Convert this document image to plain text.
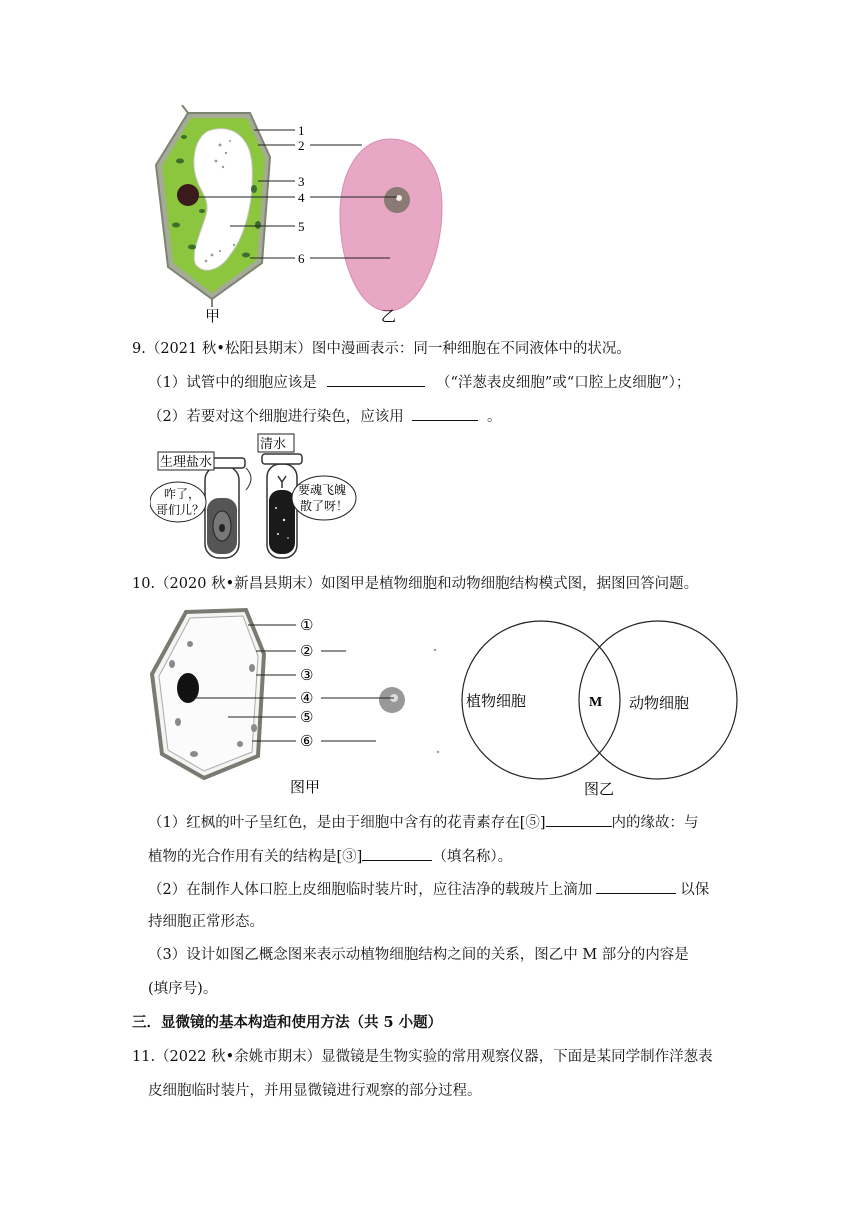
1
2
3
4
5
6
甲	乙
9.（2021 秋•松阳县期末）图中漫画表示：同一种细胞在不同液体中的状况。
（1）试管中的细胞应该是	（“洋葱表皮细胞”或“口腔上皮细胞”）；
（2）若要对这个细胞进行染色，应该用	。
生理盐水
清水
咋了，
哥们儿？
要魂飞魄
散了呀！
10.（2020 秋•新昌县期末）如图甲是植物细胞和动物细胞结构模式图，据图回答问题。
①
②
③
④
⑤
⑥
图甲
植物细胞	M 动物细胞
图乙
（1）红枫的叶子呈红色，是由于细胞中含有的花青素存在[⑤]	内的缘故：与
植物的光合作用有关的结构是[③]	（填名称）。
（2）在制作人体口腔上皮细胞临时装片时，应往洁净的载玻片上滴加	以保
持细胞正常形态。
（3）设计如图乙概念图来表示动植物细胞结构之间的关系，图乙中 M 部分的内容是
(填序号)。
三．显微镜的基本构造和使用方法（共 5 小题）
11.（2022 秋•余姚市期末）显微镜是生物实验的常用观察仪器，下面是某同学制作洋葱表
皮细胞临时装片，并用显微镜进行观察的部分过程。
